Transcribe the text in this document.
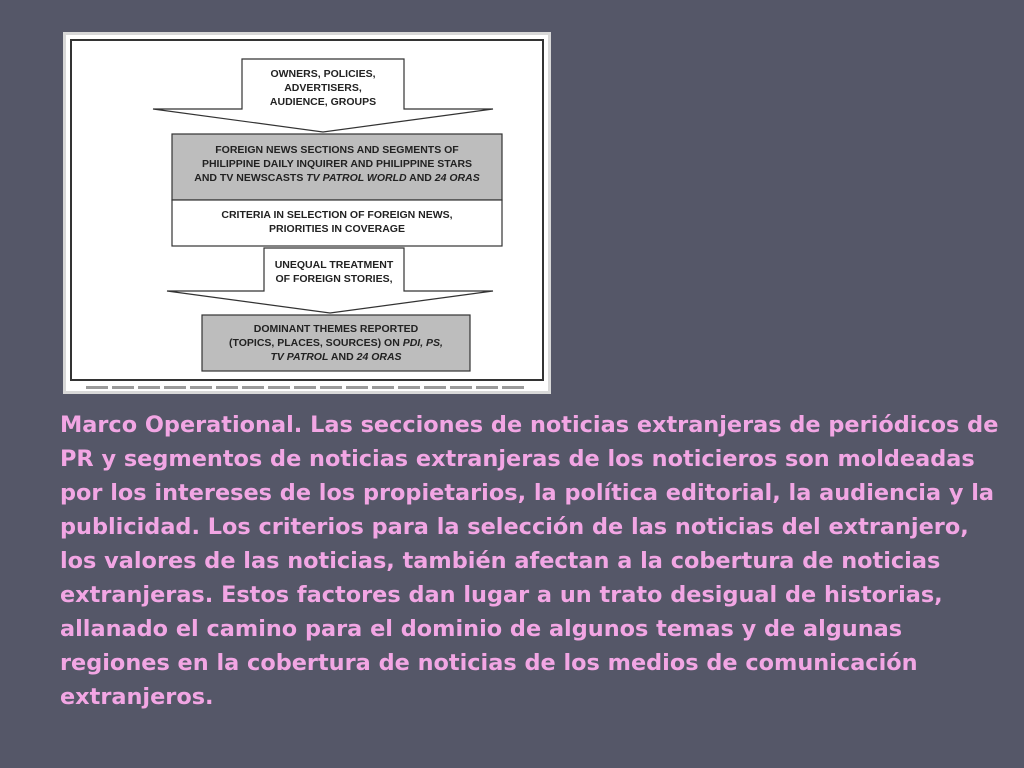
OWNERS, POLICIES,
ADVERTISERS,
AUDIENCE, GROUPS
FOREIGN NEWS SECTIONS AND SEGMENTS OF
PHILIPPINE DAILY INQUIRER AND PHILIPPINE STARS
AND TV NEWSCASTS TV PATROL WORLD AND 24 ORAS
CRITERIA IN SELECTION OF FOREIGN NEWS,
PRIORITIES IN COVERAGE
UNEQUAL TREATMENT
OF FOREIGN STORIES,
DOMINANT THEMES REPORTED
(TOPICS, PLACES, SOURCES) ON PDI, PS,
TV PATROL AND 24 ORAS

Marco Operational. Las secciones de noticias extranjeras de periódicos de PR y segmentos de noticias extranjeras de los noticieros son moldeadas por los intereses de los propietarios, la política editorial, la audiencia y la publicidad. Los criterios para la selección de las noticias del extranjero, los valores de las noticias, también afectan a la cobertura de noticias extranjeras. Estos factores dan lugar a un trato desigual de historias, allanado el camino para el dominio de algunos temas y de algunas regiones en la cobertura de noticias de los medios de comunicación extranjeros.
